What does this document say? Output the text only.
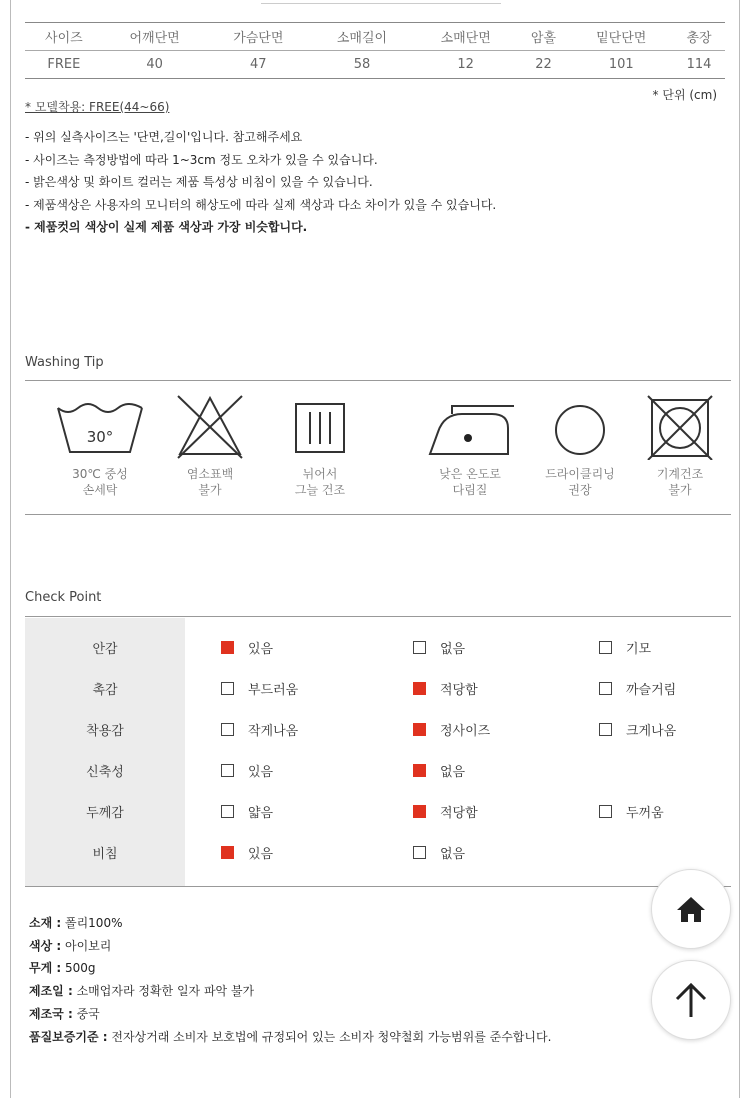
사이즈	어깨단면	가슴단면	소매길이	소매단면	암홀	밑단단면	총장
FREE	40	47	58	12	22	101	114
* 모델착용: FREE(44~66)
* 단위 (cm)
- 위의 실측사이즈는 '단면,길이'입니다. 참고해주세요
- 사이즈는 측정방법에 따라 1~3cm 정도 오차가 있을 수 있습니다.
- 밝은색상 및 화이트 컬러는 제품 특성상 비침이 있을 수 있습니다.
- 제품색상은 사용자의 모니터의 해상도에 따라 실제 색상과 다소 차이가 있을 수 있습니다.
- 제품컷의 색상이 실제 제품 색상과 가장 비슷합니다.
Washing Tip
30°
30℃ 중성
손세탁
염소표백
불가
뉘어서
그늘 건조
낮은 온도로
다림질
드라이클리닝
권장
기계건조
불가
Check Point
안감	있음	없음	기모
촉감	부드러움	적당함	까슬거림
착용감	작게나옴	정사이즈	크게나옴
신축성	있음	없음
두께감	얇음	적당함	두꺼움
비침	있음	없음
소재 : 폴리100%
색상 : 아이보리
무게 : 500g
제조일 : 소매업자라 정확한 일자 파악 불가
제조국 : 중국
품질보증기준 : 전자상거래 소비자 보호법에 규정되어 있는 소비자 청약철회 가능범위를 준수합니다.
